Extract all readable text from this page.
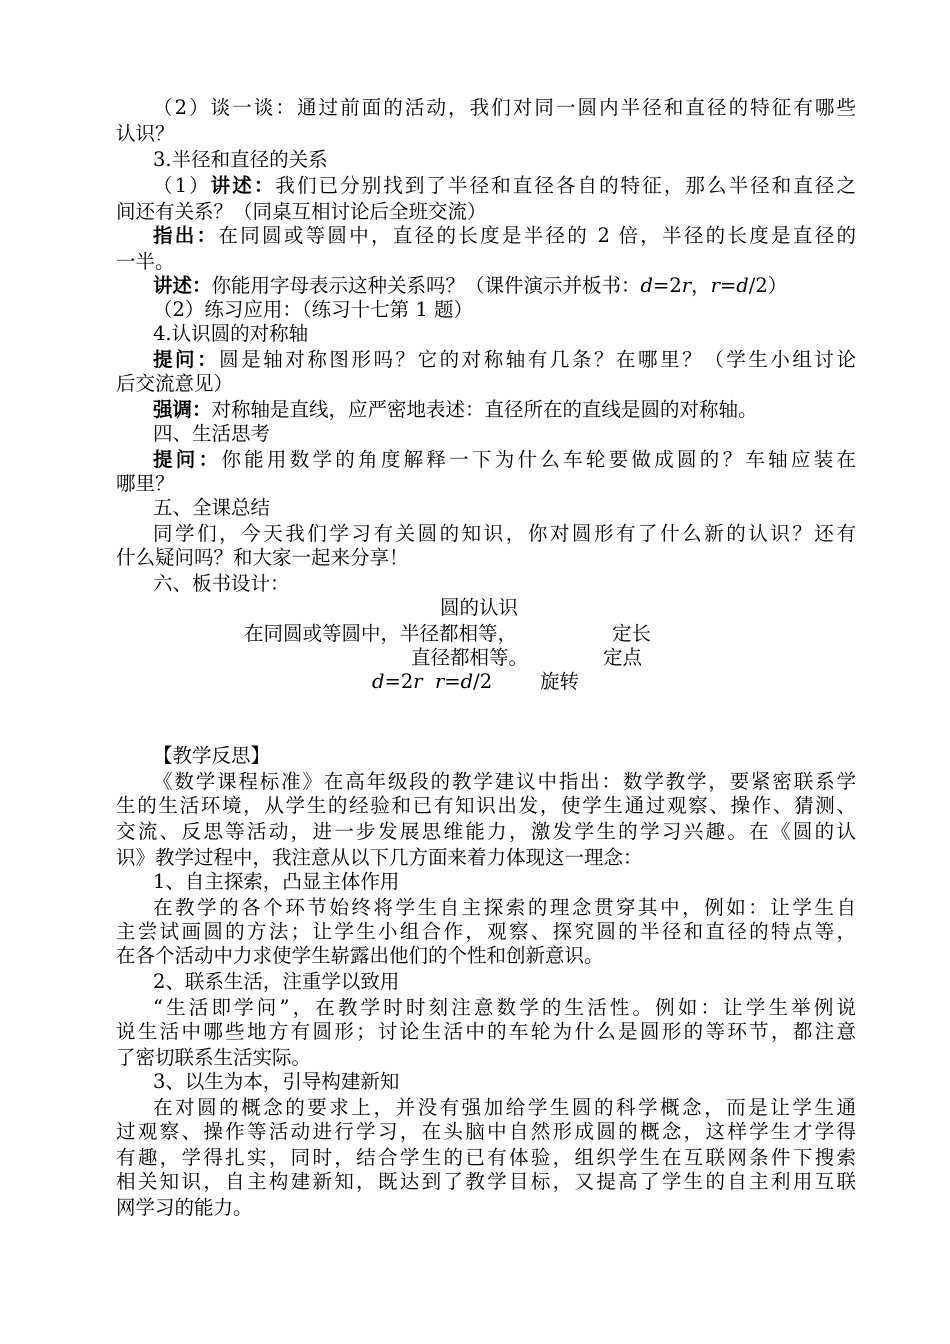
（2）谈一谈：通过前面的活动，我们对同一圆内半径和直径的特征有哪些
认识？
3.半径和直径的关系
（1）讲述：我们已分别找到了半径和直径各自的特征，那么半径和直径之
间还有关系？（同桌互相讨论后全班交流）
指出：在同圆或等圆中，直径的长度是半径的 2 倍，半径的长度是直径的
一半。
讲述：你能用字母表示这种关系吗？（课件演示并板书：d=2r，r=d/2）
（2）练习应用：（练习十七第 1 题）
4.认识圆的对称轴
提问：圆是轴对称图形吗？它的对称轴有几条？在哪里？（学生小组讨论
后交流意见）
强调：对称轴是直线，应严密地表述：直径所在的直线是圆的对称轴。
四、生活思考
提问：你能用数学的角度解释一下为什么车轮要做成圆的？车轴应装在
哪里？
五、全课总结
同学们，今天我们学习有关圆的知识，你对圆形有了什么新的认识？还有
什么疑问吗？和大家一起来分享！
六、板书设计：
圆的认识
在同圆或等圆中，半径都相等，	定长
直径都相等。	定点
d=2r r=d/2 旋转
【教学反思】
《数学课程标准》在高年级段的教学建议中指出：数学教学，要紧密联系学
生的生活环境，从学生的经验和已有知识出发，使学生通过观察、操作、猜测、
交流、反思等活动，进一步发展思维能力，激发学生的学习兴趣。在《圆的认
识》教学过程中，我注意从以下几方面来着力体现这一理念：
1、自主探索，凸显主体作用
在教学的各个环节始终将学生自主探索的理念贯穿其中，例如：让学生自
主尝试画圆的方法；让学生小组合作，观察、探究圆的半径和直径的特点等，
在各个活动中力求使学生崭露出他们的个性和创新意识。
2、联系生活，注重学以致用
“生活即学问”，在教学时时刻注意数学的生活性。例如：让学生举例说
说生活中哪些地方有圆形；讨论生活中的车轮为什么是圆形的等环节，都注意
了密切联系生活实际。
3、以生为本，引导构建新知
在对圆的概念的要求上，并没有强加给学生圆的科学概念，而是让学生通
过观察、操作等活动进行学习，在头脑中自然形成圆的概念，这样学生才学得
有趣，学得扎实，同时，结合学生的已有体验，组织学生在互联网条件下搜索
相关知识，自主构建新知，既达到了教学目标，又提高了学生的自主利用互联
网学习的能力。
